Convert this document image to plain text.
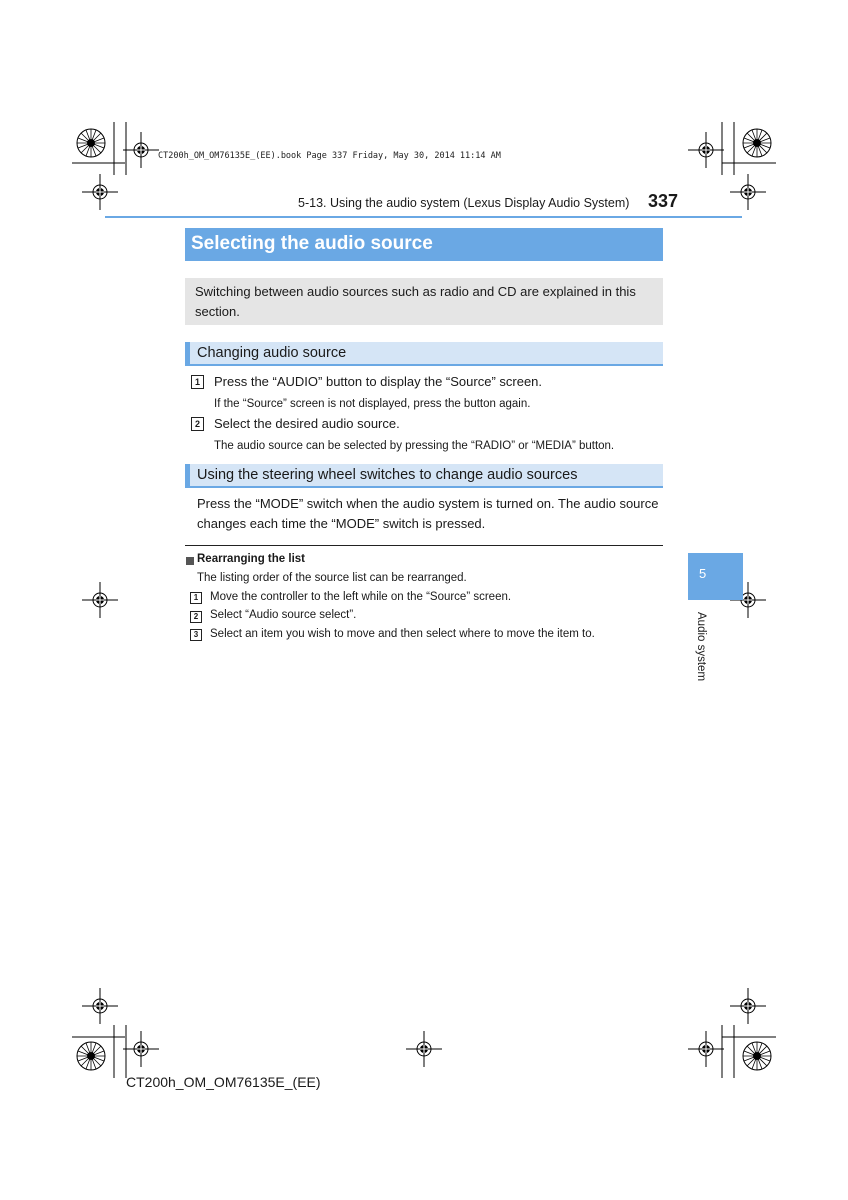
CT200h_OM_OM76135E_(EE).book Page 337 Friday, May 30, 2014 11:14 AM
5-13. Using the audio system (Lexus Display Audio System) 337
Selecting the audio source
Switching between audio sources such as radio and CD are explained in this section.
Changing audio source
1	Press the “AUDIO” button to display the “Source” screen.
If the “Source” screen is not displayed, press the button again.
2	Select the desired audio source.
The audio source can be selected by pressing the “RADIO” or “MEDIA” button.
Using the steering wheel switches to change audio sources
Press the “MODE” switch when the audio system is turned on. The audio source changes each time the “MODE” switch is pressed.
Rearranging the list
The listing order of the source list can be rearranged.
1	Move the controller to the left while on the “Source” screen.
2	Select “Audio source select”.
3	Select an item you wish to move and then select where to move the item to.
5
Audio system
CT200h_OM_OM76135E_(EE)
